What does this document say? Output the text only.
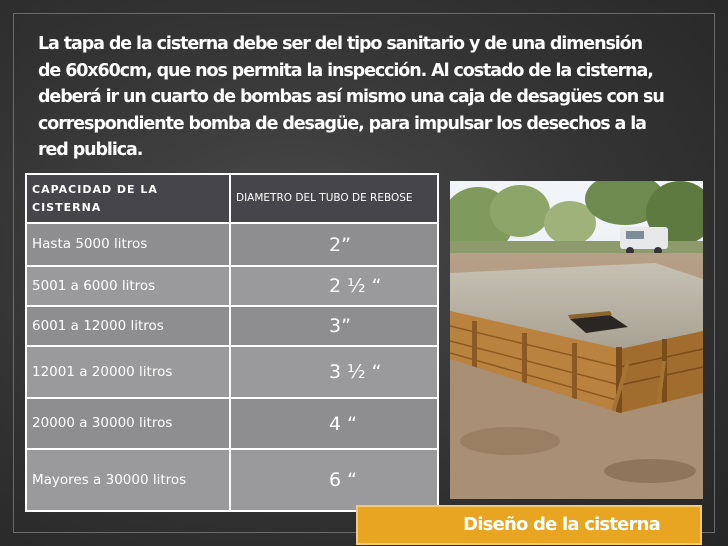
La tapa de la cisterna debe ser del tipo sanitario y de una dimensión de 60x60cm, que nos permita la inspección. Al costado de la cisterna, deberá ir un cuarto de bombas así mismo una caja de desagües con su correspondiente bomba de desagüe, para impulsar los desechos a la red publica.

CAPACIDAD DE LA CISTERNA	DIAMETRO DEL TUBO DE REBOSE
Hasta 5000 litros	2”
5001 a 6000 litros	2 ½ “
6001 a 12000 litros	3”
12001 a 20000 litros	3 ½ “
20000 a 30000 litros	4 “
Mayores a 30000 litros	6 “
Diseño de la cisterna
